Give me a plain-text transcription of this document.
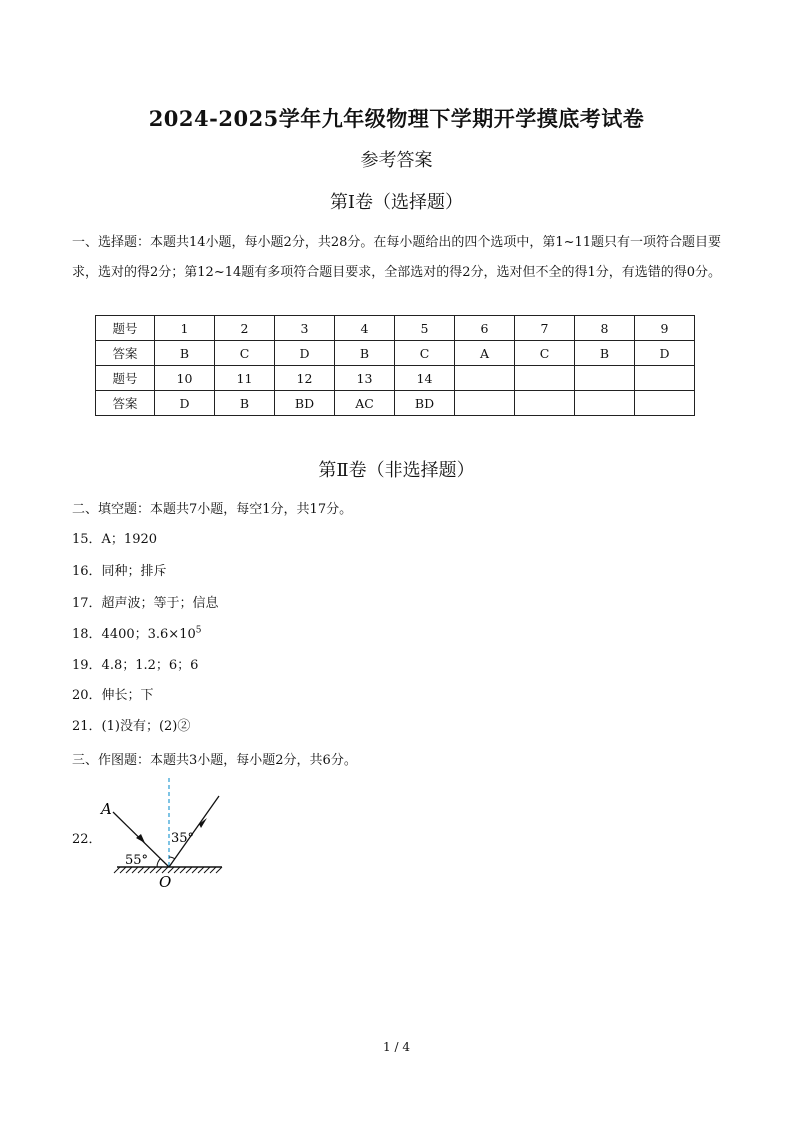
2024-2025学年九年级物理下学期开学摸底考试卷
参考答案
第Ⅰ卷（选择题）
一、选择题：本题共14小题，每小题2分，共28分。在每小题给出的四个选项中，第1~11题只有一项符合题目要求，选对的得2分；第12~14题有多项符合题目要求，全部选对的得2分，选对但不全的得1分，有选错的得0分。
题号	1	2	3	4	5	6	7	8	9
答案	B	C	D	B	C	A	C	B	D
题号	10	11	12	13	14				
答案	D	B	BD	AC	BD				
第Ⅱ卷（非选择题）
二、填空题：本题共7小题，每空1分，共17分。
15．A；1920
16．同种；排斥
17．超声波；等于；信息
18．4400；$3.6\times 10^5$
19．4.8；1.2；6；6
20．伸长；下
21．(1)没有；(2)②
三、作图题：本题共3小题，每小题2分，共6分。
22．
A
O
55°
35°
1 / 4
